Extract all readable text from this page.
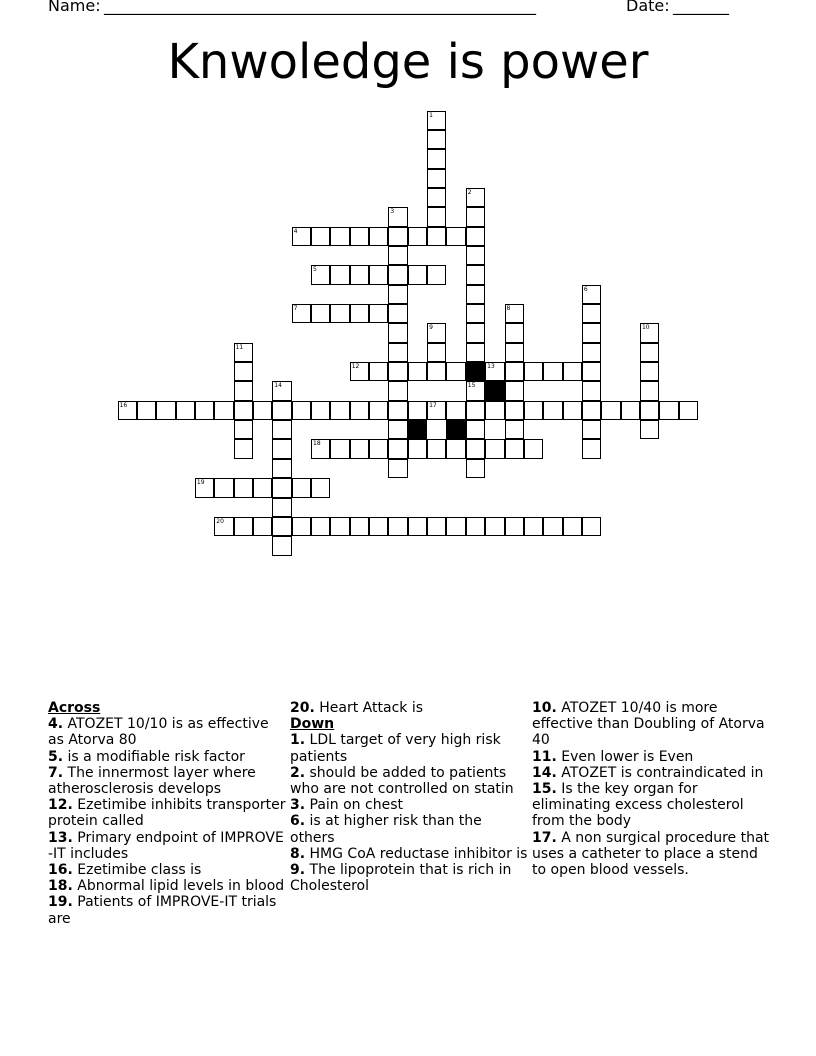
Name: ______________________________________________________	Date: _______
Knwoledge is power
1
2
15
3
4
5
6
7	8
9	10
11
12	13
14
16	17
18
19
20
Across
4. ATOZET 10/10 is as effective as Atorva 80
5. is a modifiable risk factor
7. The innermost layer where atherosclerosis develops
12. Ezetimibe inhibits transporter protein called
13. Primary endpoint of IMPROVE -IT includes
16. Ezetimibe class is
18. Abnormal lipid levels in blood
19. Patients of IMPROVE-IT trials are
20. Heart Attack is
Down
1. LDL target of very high risk patients
2. should be added to patients who are not controlled on statin
3. Pain on chest
6. is at higher risk than the others
8. HMG CoA reductase inhibitor is
9. The lipoprotein that is rich in Cholesterol
10. ATOZET 10/40 is more effective than Doubling of Atorva 40
11. Even lower is Even
14. ATOZET is contraindicated in
15. Is the key organ for eliminating excess cholesterol from the body
17. A non surgical procedure that uses a catheter to place a stend to open blood vessels.
